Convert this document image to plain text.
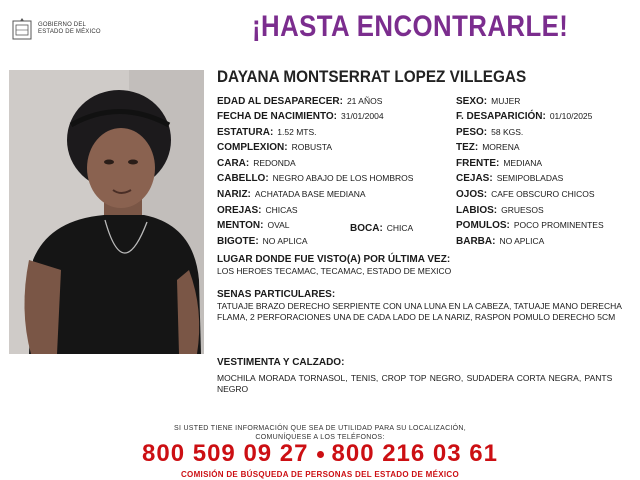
GOBIERNO DEL
ESTADO DE MÉXICO	¡HASTA ENCONTRARLE!
DAYANA MONTSERRAT LOPEZ VILLEGAS
EDAD AL DESAPARECER: 21 AÑOS
FECHA DE NACIMIENTO: 31/01/2004
ESTATURA: 1.52 MTS.
COMPLEXION: ROBUSTA
CARA: REDONDA
CABELLO: NEGRO ABAJO DE LOS HOMBROS
NARIZ: ACHATADA BASE MEDIANA
OREJAS: CHICAS
MENTON: OVAL	BOCA: CHICA
BIGOTE: NO APLICA
SEXO: MUJER
F. DESAPARICIÓN: 01/10/2025
PESO: 58 KGS.
TEZ: MORENA
FRENTE: MEDIANA
CEJAS: SEMIPOBLADAS
OJOS: CAFE OBSCURO CHICOS
LABIOS: GRUESOS
POMULOS: POCO PROMINENTES
BARBA: NO APLICA
LUGAR DONDE FUE VISTO(A) POR ÚLTIMA VEZ:
LOS HEROES TECAMAC, TECAMAC, ESTADO DE MEXICO
SENAS PARTICULARES:
TATUAJE BRAZO DERECHO SERPIENTE CON UNA LUNA EN LA CABEZA, TATUAJE MANO DERECHA FLAMA, 2 PERFORACIONES UNA DE CADA LADO DE LA NARIZ, RASPON POMULO DERECHO 5CM
VESTIMENTA Y CALZADO:
MOCHILA MORADA TORNASOL, TENIS, CROP TOP NEGRO, SUDADERA CORTA NEGRA, PANTS NEGRO
SI USTED TIENE INFORMACIÓN QUE SEA DE UTILIDAD PARA SU LOCALIZACIÓN,
COMUNÍQUESE A LOS TELÉFONOS:
800 509 09 27 800 216 03 61
COMISIÓN DE BÚSQUEDA DE PERSONAS DEL ESTADO DE MÉXICO
